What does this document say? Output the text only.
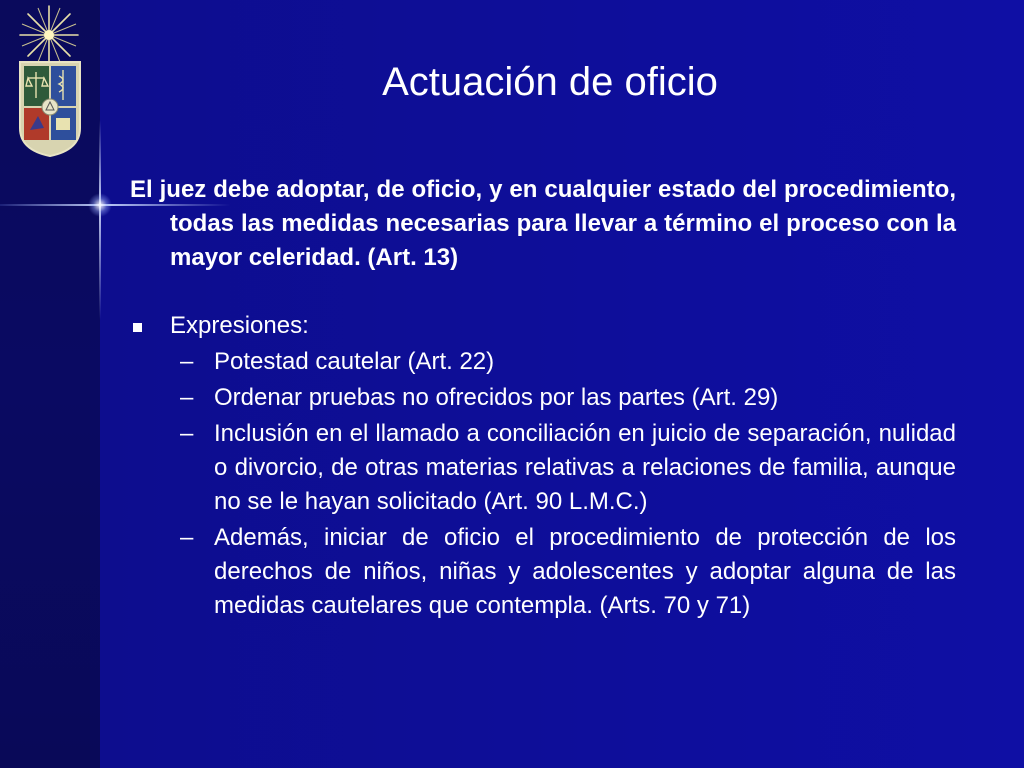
Actuación de oficio

El juez debe adoptar, de oficio, y en cualquier estado del procedimiento, todas las medidas necesarias para llevar a término el proceso con la mayor celeridad. (Art. 13)

Expresiones:
– Potestad cautelar (Art. 22)
– Ordenar pruebas no ofrecidos por las partes (Art. 29)
– Inclusión en el llamado a conciliación en juicio de separación, nulidad o divorcio, de otras materias relativas a relaciones de familia, aunque no se le hayan solicitado (Art. 90 L.M.C.)
– Además, iniciar de oficio el procedimiento de protección de los derechos de niños, niñas y adolescentes y adoptar alguna de las medidas cautelares que contempla. (Arts. 70 y 71)
